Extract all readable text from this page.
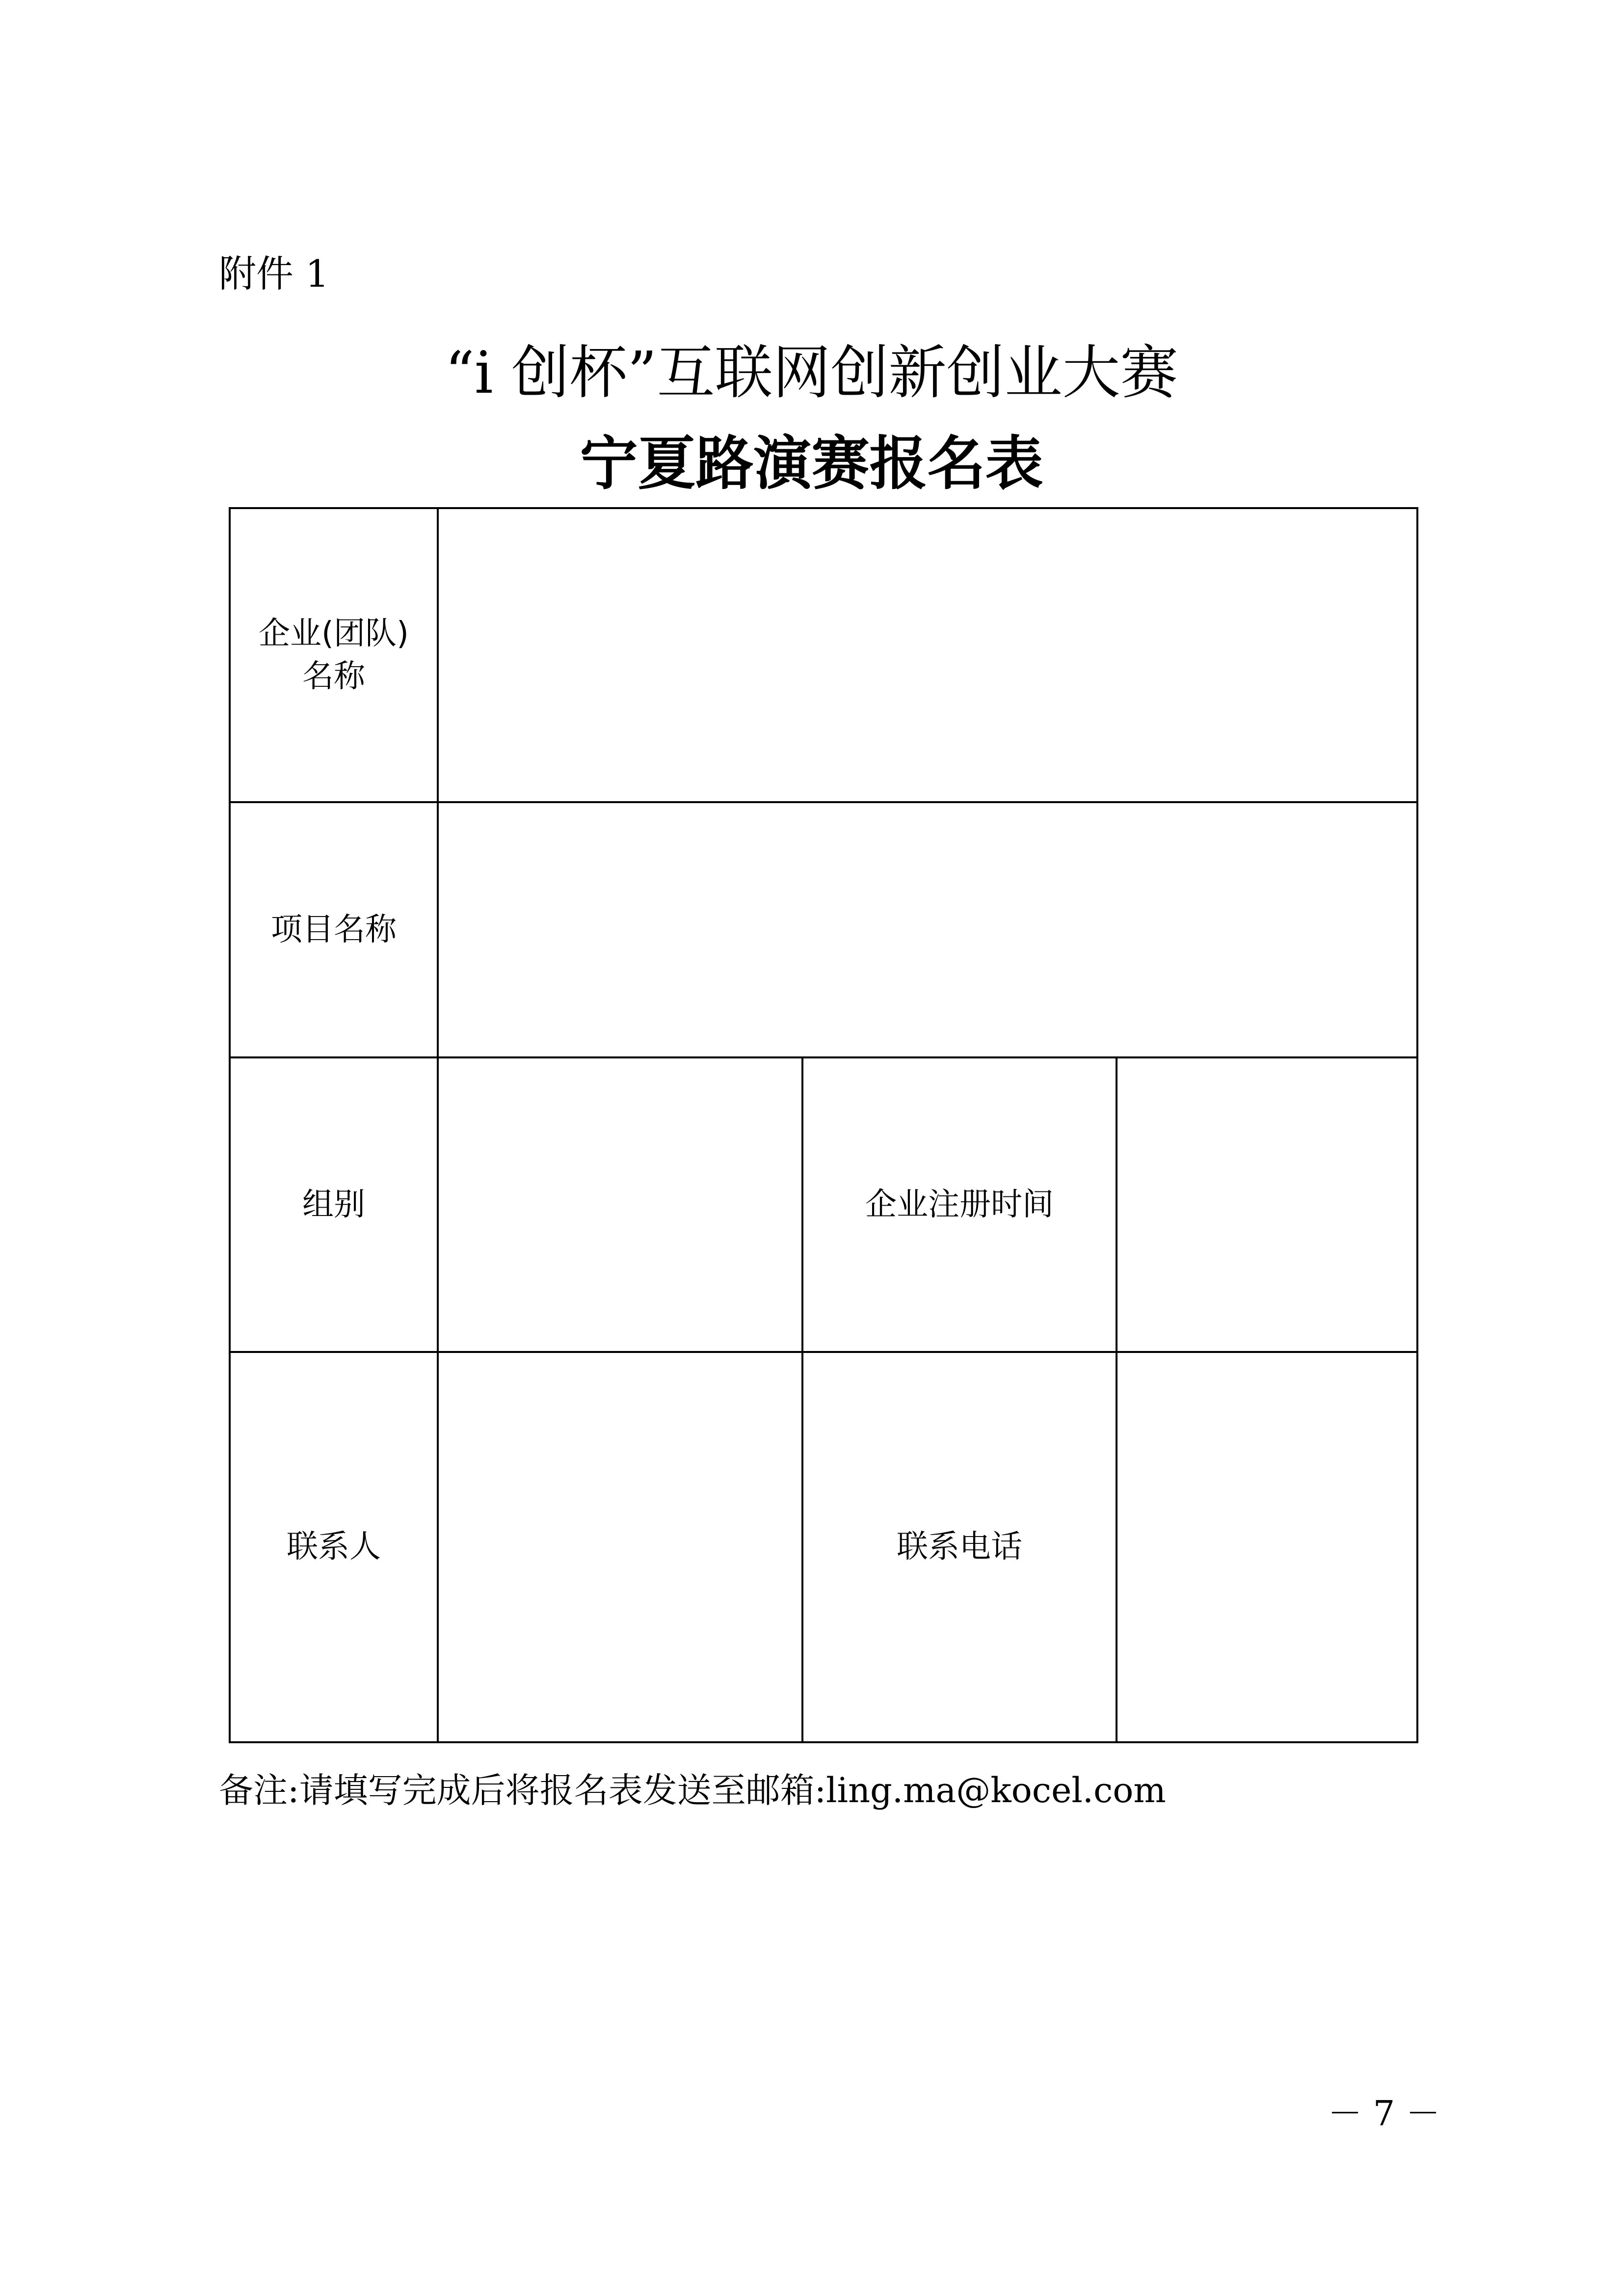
附件 1
“i 创杯”互联网创新创业大赛
宁夏路演赛报名表
企业(团队)
名称
项目名称
组别	企业注册时间
联系人	联系电话
备注:请填写完成后将报名表发送至邮箱:ling.ma@kocel.com
－ 7 －
